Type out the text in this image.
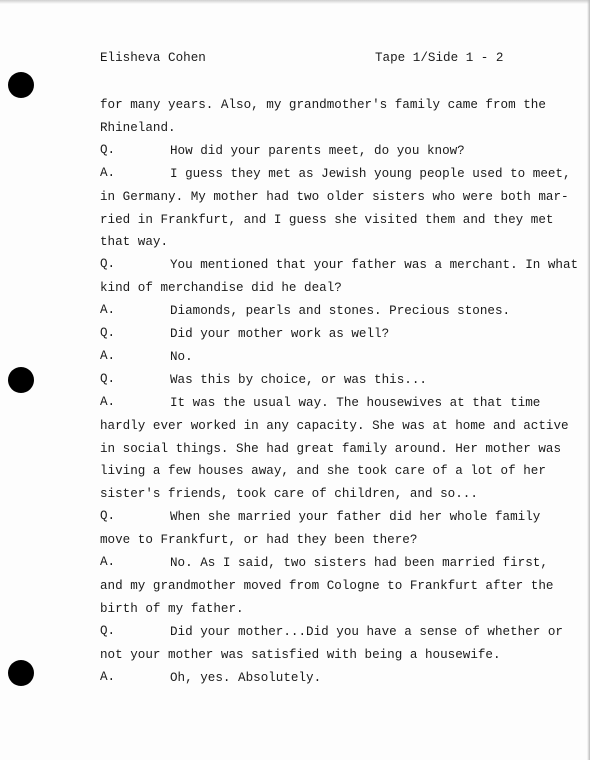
Elisheva Cohen	Tape 1/Side 1 - 2
for many years. Also, my grandmother's family came from the
Rhineland.
Q.	How did your parents meet, do you know?
A.	I guess they met as Jewish young people used to meet,
in Germany. My mother had two older sisters who were both mar-
ried in Frankfurt, and I guess she visited them and they met
that way.
Q.	You mentioned that your father was a merchant. In what
kind of merchandise did he deal?
A.	Diamonds, pearls and stones. Precious stones.
Q.	Did your mother work as well?
A.	No.
Q.	Was this by choice, or was this...
A.	It was the usual way. The housewives at that time
hardly ever worked in any capacity. She was at home and active
in social things. She had great family around. Her mother was
living a few houses away, and she took care of a lot of her
sister's friends, took care of children, and so...
Q.	When she married your father did her whole family
move to Frankfurt, or had they been there?
A.	No. As I said, two sisters had been married first,
and my grandmother moved from Cologne to Frankfurt after the
birth of my father.
Q.	Did your mother...Did you have a sense of whether or
not your mother was satisfied with being a housewife.
A.	Oh, yes. Absolutely.
